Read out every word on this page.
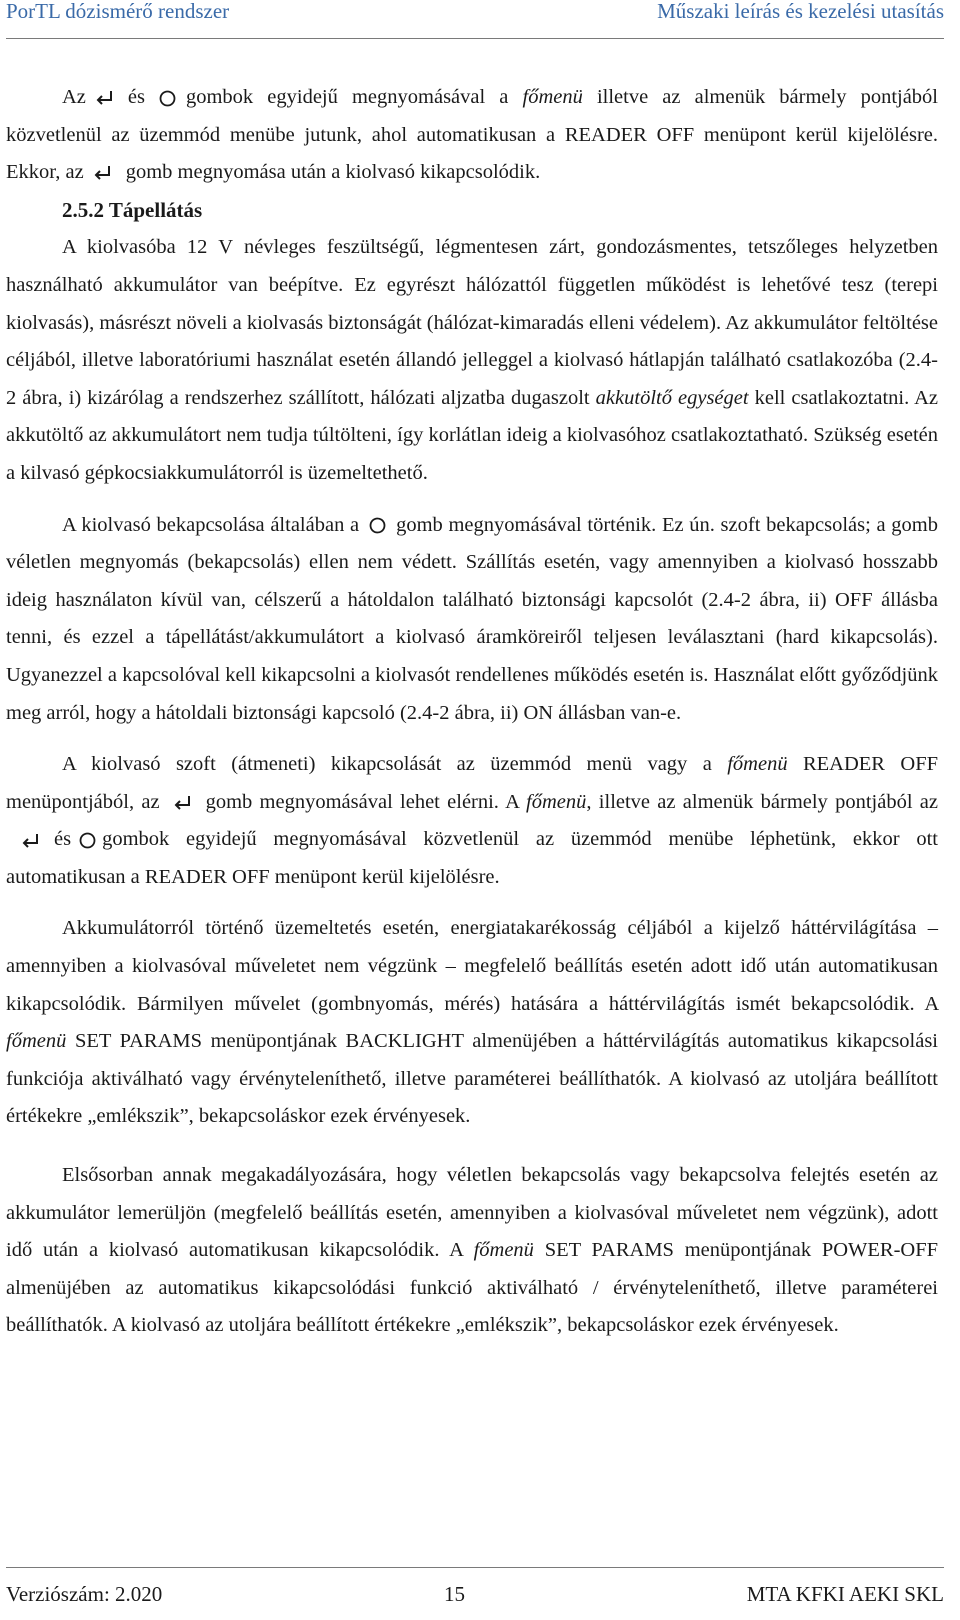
PorTL dózismérő rendszer	Műszaki leírás és kezelési utasítás

Az és gombok egyidejű megnyomásával a főmenü illetve az almenük bármely pontjából közvetlenül az üzemmód menübe jutunk, ahol automatikusan a READER OFF menüpont kerül kijelölésre. Ekkor, az gomb megnyomása után a kiolvasó kikapcsolódik.

2.5.2 Tápellátás

A kiolvasóba 12 V névleges feszültségű, légmentesen zárt, gondozásmentes, tetszőleges helyzetben használható akkumulátor van beépítve. Ez egyrészt hálózattól független működést is lehetővé tesz (terepi kiolvasás), másrészt növeli a kiolvasás biztonságát (hálózat-kimaradás elleni védelem). Az akkumulátor feltöltése céljából, illetve laboratóriumi használat esetén állandó jelleggel a kiolvasó hátlapján található csatlakozóba (2.4-2 ábra, i) kizárólag a rendszerhez szállított, hálózati aljzatba dugaszolt akkutöltő egységet kell csatlakoztatni. Az akkutöltő az akkumulátort nem tudja túltölteni, így korlátlan ideig a kiolvasóhoz csatlakoztatható. Szükség esetén a kilvasó gépkocsiakkumulátorról is üzemeltethető.

A kiolvasó bekapcsolása általában a gomb megnyomásával történik. Ez ún. szoft bekapcsolás; a gomb véletlen megnyomás (bekapcsolás) ellen nem védett. Szállítás esetén, vagy amennyiben a kiolvasó hosszabb ideig használaton kívül van, célszerű a hátoldalon található biztonsági kapcsolót (2.4-2 ábra, ii) OFF állásba tenni, és ezzel a tápellátást/akkumulátort a kiolvasó áramköreiről teljesen leválasztani (hard kikapcsolás). Ugyanezzel a kapcsolóval kell kikapcsolni a kiolvasót rendellenes működés esetén is. Használat előtt győződjünk meg arról, hogy a hátoldali biztonsági kapcsoló (2.4-2 ábra, ii) ON állásban van-e.

A kiolvasó szoft (átmeneti) kikapcsolását az üzemmód menü vagy a főmenü READER OFF menüpontjából, az gomb megnyomásával lehet elérni. A főmenü, illetve az almenük bármely pontjából az
és gombok egyidejű megnyomásával közvetlenül az üzemmód menübe léphetünk, ekkor ott automatikusan a READER OFF menüpont kerül kijelölésre.

Akkumulátorról történő üzemeltetés esetén, energiatakarékosság céljából a kijelző háttérvilágítása – amennyiben a kiolvasóval műveletet nem végzünk – megfelelő beállítás esetén adott idő után automatikusan kikapcsolódik. Bármilyen művelet (gombnyomás, mérés) hatására a háttérvilágítás ismét bekapcsolódik. A főmenü SET PARAMS menüpontjának BACKLIGHT almenüjében a háttérvilágítás automatikus kikapcsolási funkciója aktiválható vagy érvényteleníthető, illetve paraméterei beállíthatók. A kiolvasó az utoljára beállított értékekre „emlékszik”, bekapcsoláskor ezek érvényesek.

Elsősorban annak megakadályozására, hogy véletlen bekapcsolás vagy bekapcsolva felejtés esetén az akkumulátor lemerüljön (megfelelő beállítás esetén, amennyiben a kiolvasóval műveletet nem végzünk), adott idő után a kiolvasó automatikusan kikapcsolódik. A főmenü SET PARAMS menüpontjának POWER-OFF almenüjében az automatikus kikapcsolódási funkció aktiválható / érvényteleníthető, illetve paraméterei beállíthatók. A kiolvasó az utoljára beállított értékekre „emlékszik”, bekapcsoláskor ezek érvényesek.

Verziószám: 2.020	15	MTA KFKI AEKI SKL
